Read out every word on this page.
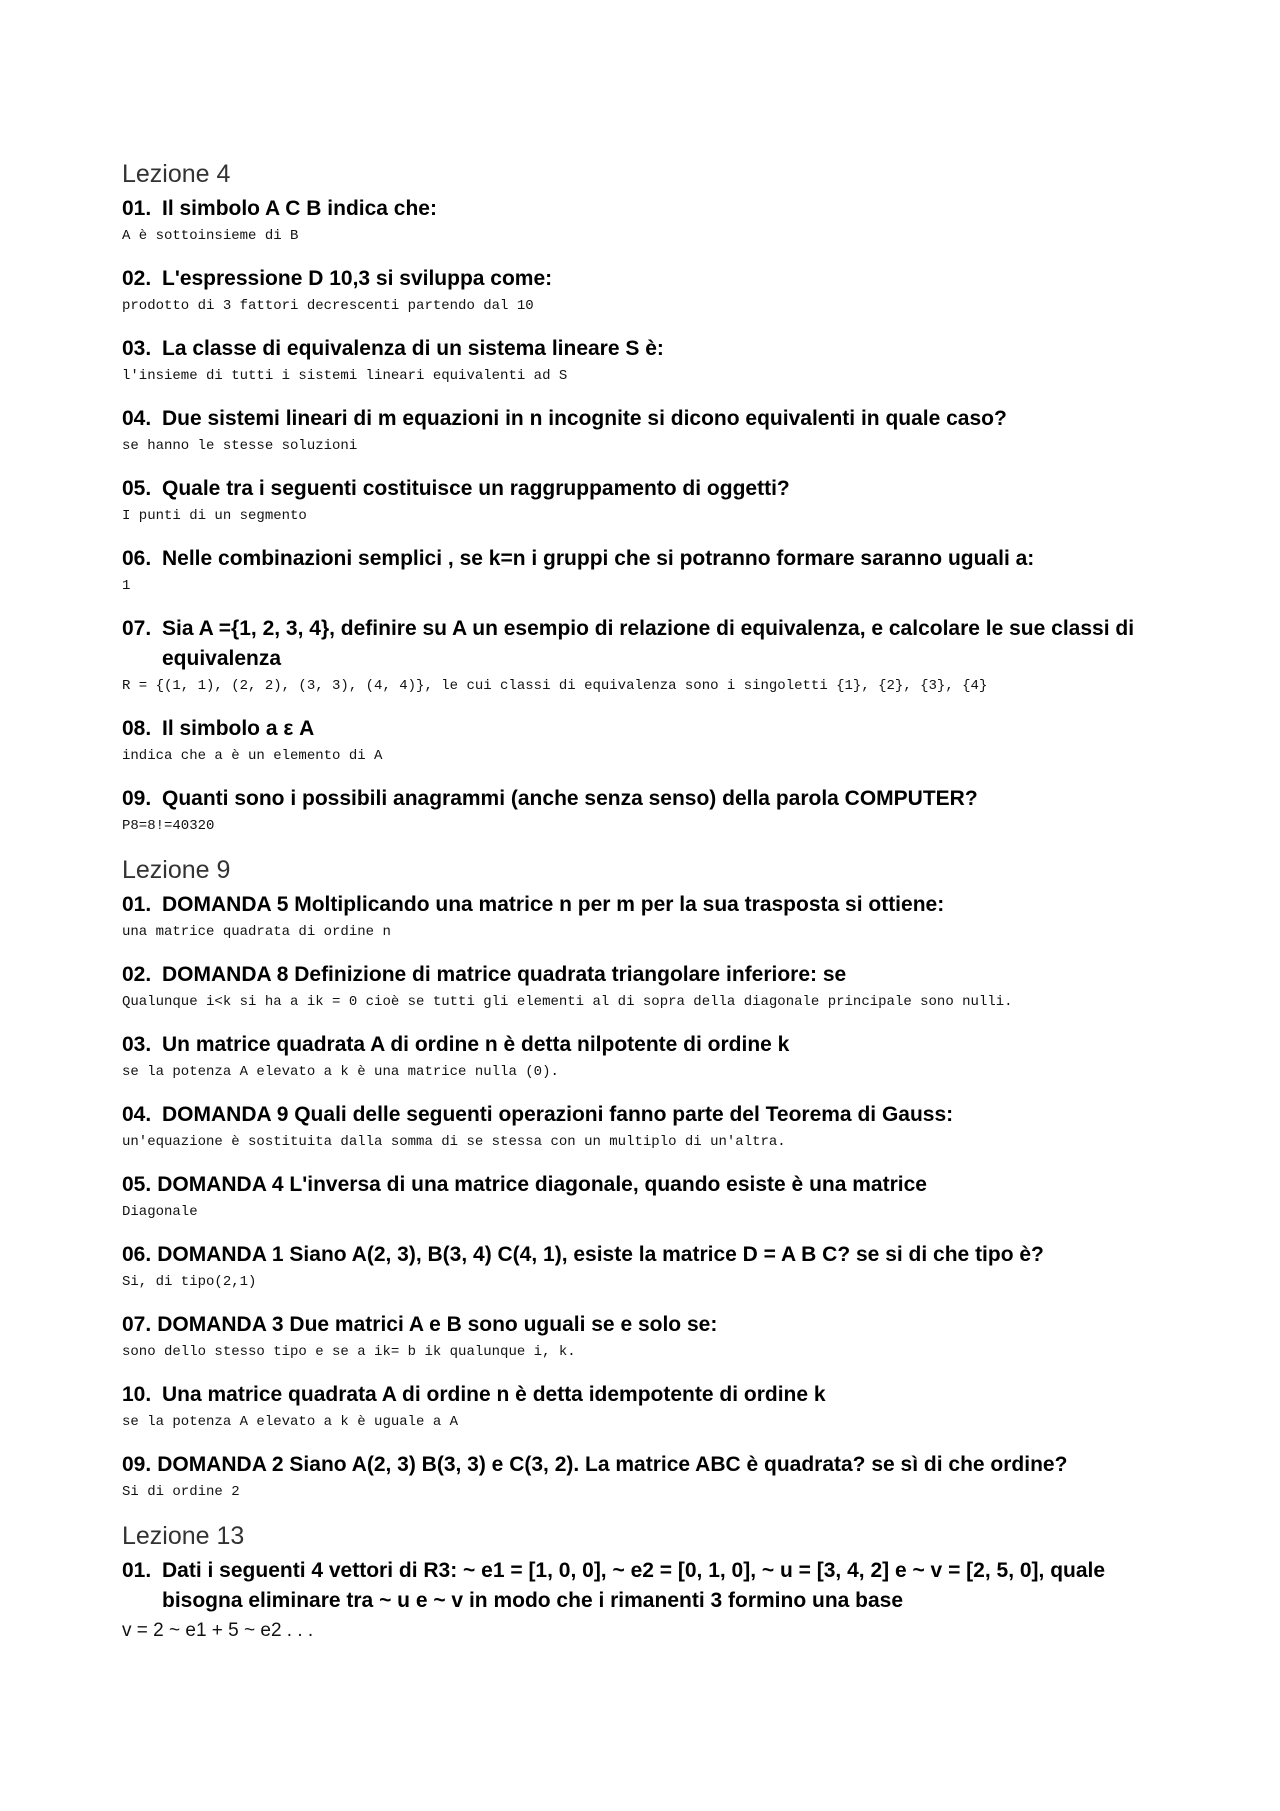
Lezione 4
01. Il simbolo A C B indica che:
A è sottoinsieme di B
02. L'espressione D 10,3 si sviluppa come:
prodotto di 3 fattori decrescenti partendo dal 10
03. La classe di equivalenza di un sistema lineare S è:
l'insieme di tutti i sistemi lineari equivalenti ad S
04. Due sistemi lineari di m equazioni in n incognite si dicono equivalenti in quale caso?
se hanno le stesse soluzioni
05. Quale tra i seguenti costituisce un raggruppamento di oggetti?
I punti di un segmento
06. Nelle combinazioni semplici , se k=n i gruppi che si potranno formare saranno uguali a:
1
07. Sia A ={1, 2, 3, 4}, definire su A un esempio di relazione di equivalenza, e calcolare le sue classi di equivalenza
R = {(1, 1), (2, 2), (3, 3), (4, 4)}, le cui classi di equivalenza sono i singoletti {1}, {2}, {3}, {4}
08. Il simbolo a ε A
indica che a è un elemento di A
09. Quanti sono i possibili anagrammi (anche senza senso) della parola COMPUTER?
P8=8!=40320
Lezione 9
01. DOMANDA 5 Moltiplicando una matrice n per m per la sua trasposta si ottiene:
una matrice quadrata di ordine n
02. DOMANDA 8 Definizione di matrice quadrata triangolare inferiore: se
Qualunque i<k si ha a ik = 0 cioè se tutti gli elementi al di sopra della diagonale principale sono nulli.
03. Un matrice quadrata A di ordine n è detta nilpotente di ordine k
se la potenza A elevato a k è una matrice nulla (0).
04. DOMANDA 9 Quali delle seguenti operazioni fanno parte del Teorema di Gauss:
un'equazione è sostituita dalla somma di se stessa con un multiplo di un'altra.
05. DOMANDA 4 L'inversa di una matrice diagonale, quando esiste è una matrice
Diagonale
06. DOMANDA 1 Siano A(2, 3), B(3, 4) C(4, 1), esiste la matrice D = A B C? se si di che tipo è?
Si, di tipo(2,1)
07. DOMANDA 3 Due matrici A e B sono uguali se e solo se:
sono dello stesso tipo e se a ik= b ik qualunque i, k.
10. Una matrice quadrata A di ordine n è detta idempotente di ordine k
se la potenza A elevato a k è uguale a A
09. DOMANDA 2 Siano A(2, 3) B(3, 3) e C(3, 2). La matrice ABC è quadrata? se sì di che ordine?
Si di ordine 2
Lezione 13
01. Dati i seguenti 4 vettori di R3: ~ e1 = [1, 0, 0], ~ e2 = [0, 1, 0], ~ u = [3, 4, 2] e ~ v = [2, 5, 0], quale bisogna eliminare tra ~ u e ~ v in modo che i rimanenti 3 formino una base
v = 2 ~ e1 + 5 ~ e2 . . .
